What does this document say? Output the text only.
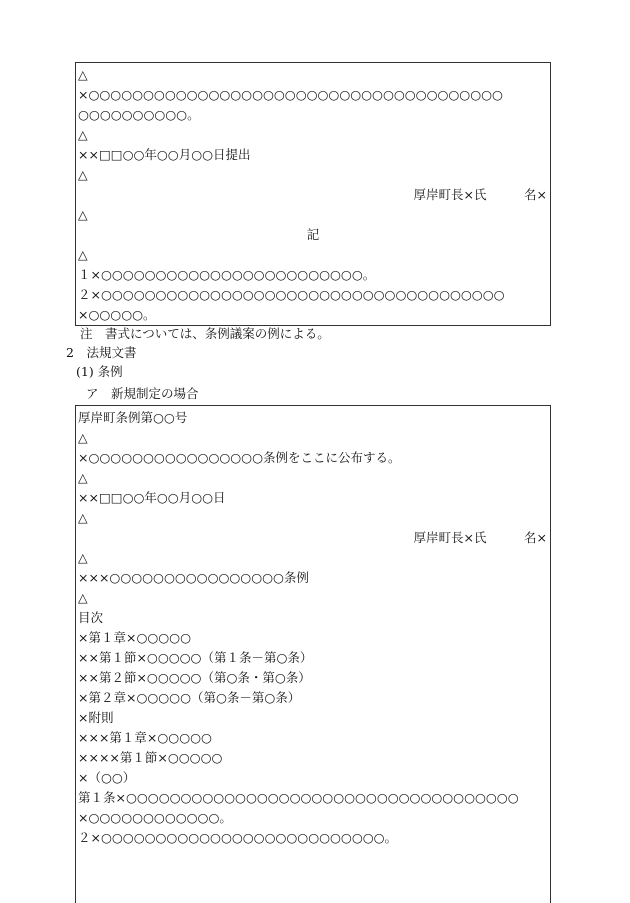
△
×○○○○○○○○○○○○○○○○○○○○○○○○○○○○○○○○○○○○○○
○○○○○○○○○○。
△
××□□○○年○○月○○日提出
△
厚岸町長×氏　　　名×
△
記
△
１×○○○○○○○○○○○○○○○○○○○○○○○○。
２×○○○○○○○○○○○○○○○○○○○○○○○○○○○○○○○○○○○○○
×○○○○○。
注　書式については、条例議案の例による。
2　法規文書
(1) 条例
ア　新規制定の場合
厚岸町条例第○○号
△
×○○○○○○○○○○○○○○○○条例をここに公布する。
△
××□□○○年○○月○○日
△
厚岸町長×氏　　　名×
△
×××○○○○○○○○○○○○○○○○条例
△
目次
×第１章×○○○○○
××第１節×○○○○○（第１条－第○条）
××第２節×○○○○○（第○条・第○条）
×第２章×○○○○○（第○条－第○条）
×附則
×××第１章×○○○○○
××××第１節×○○○○○
×（○○）
第１条×○○○○○○○○○○○○○○○○○○○○○○○○○○○○○○○○○○○○
×○○○○○○○○○○○○。
２×○○○○○○○○○○○○○○○○○○○○○○○○○○。
